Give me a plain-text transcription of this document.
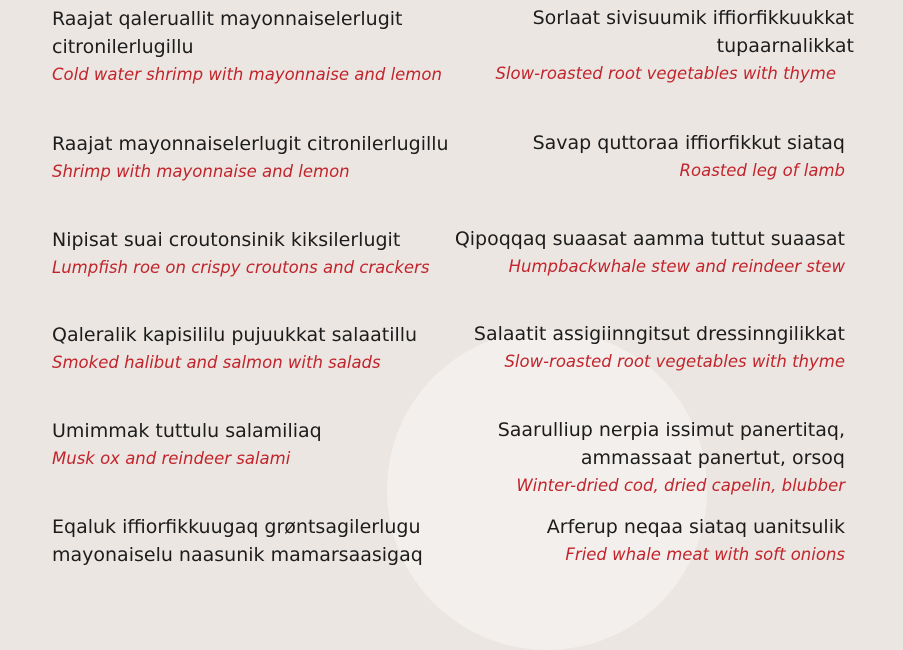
Raajat qaleruallit mayonnaiselerlugit
citronilerlugillu
Cold water shrimp with mayonnaise and lemon
Raajat mayonnaiselerlugit citronilerlugillu
Shrimp with mayonnaise and lemon
Nipisat suai croutonsinik kiksilerlugit
Lumpfish roe on crispy croutons and crackers
Qaleralik kapisililu pujuukkat salaatillu
Smoked halibut and salmon with salads
Umimmak tuttulu salamiliaq
Musk ox and reindeer salami
Eqaluk iffiorfikkuugaq grøntsagilerlugu
mayonaiselu naasunik mamarsaasigaq
Sorlaat sivisuumik iffiorfikkuukkat
tupaarnalikkat
Slow-roasted root vegetables with thyme
Savap quttoraa iffiorfikkut siataq
Roasted leg of lamb
Qipoqqaq suaasat aamma tuttut suaasat
Humpbackwhale stew and reindeer stew
Salaatit assigiinngitsut dressinngilikkat
Slow-roasted root vegetables with thyme
Saarulliup nerpia issimut panertitaq,
ammassaat panertut, orsoq
Winter-dried cod, dried capelin, blubber
Arferup neqaa siataq uanitsulik
Fried whale meat with soft onions
